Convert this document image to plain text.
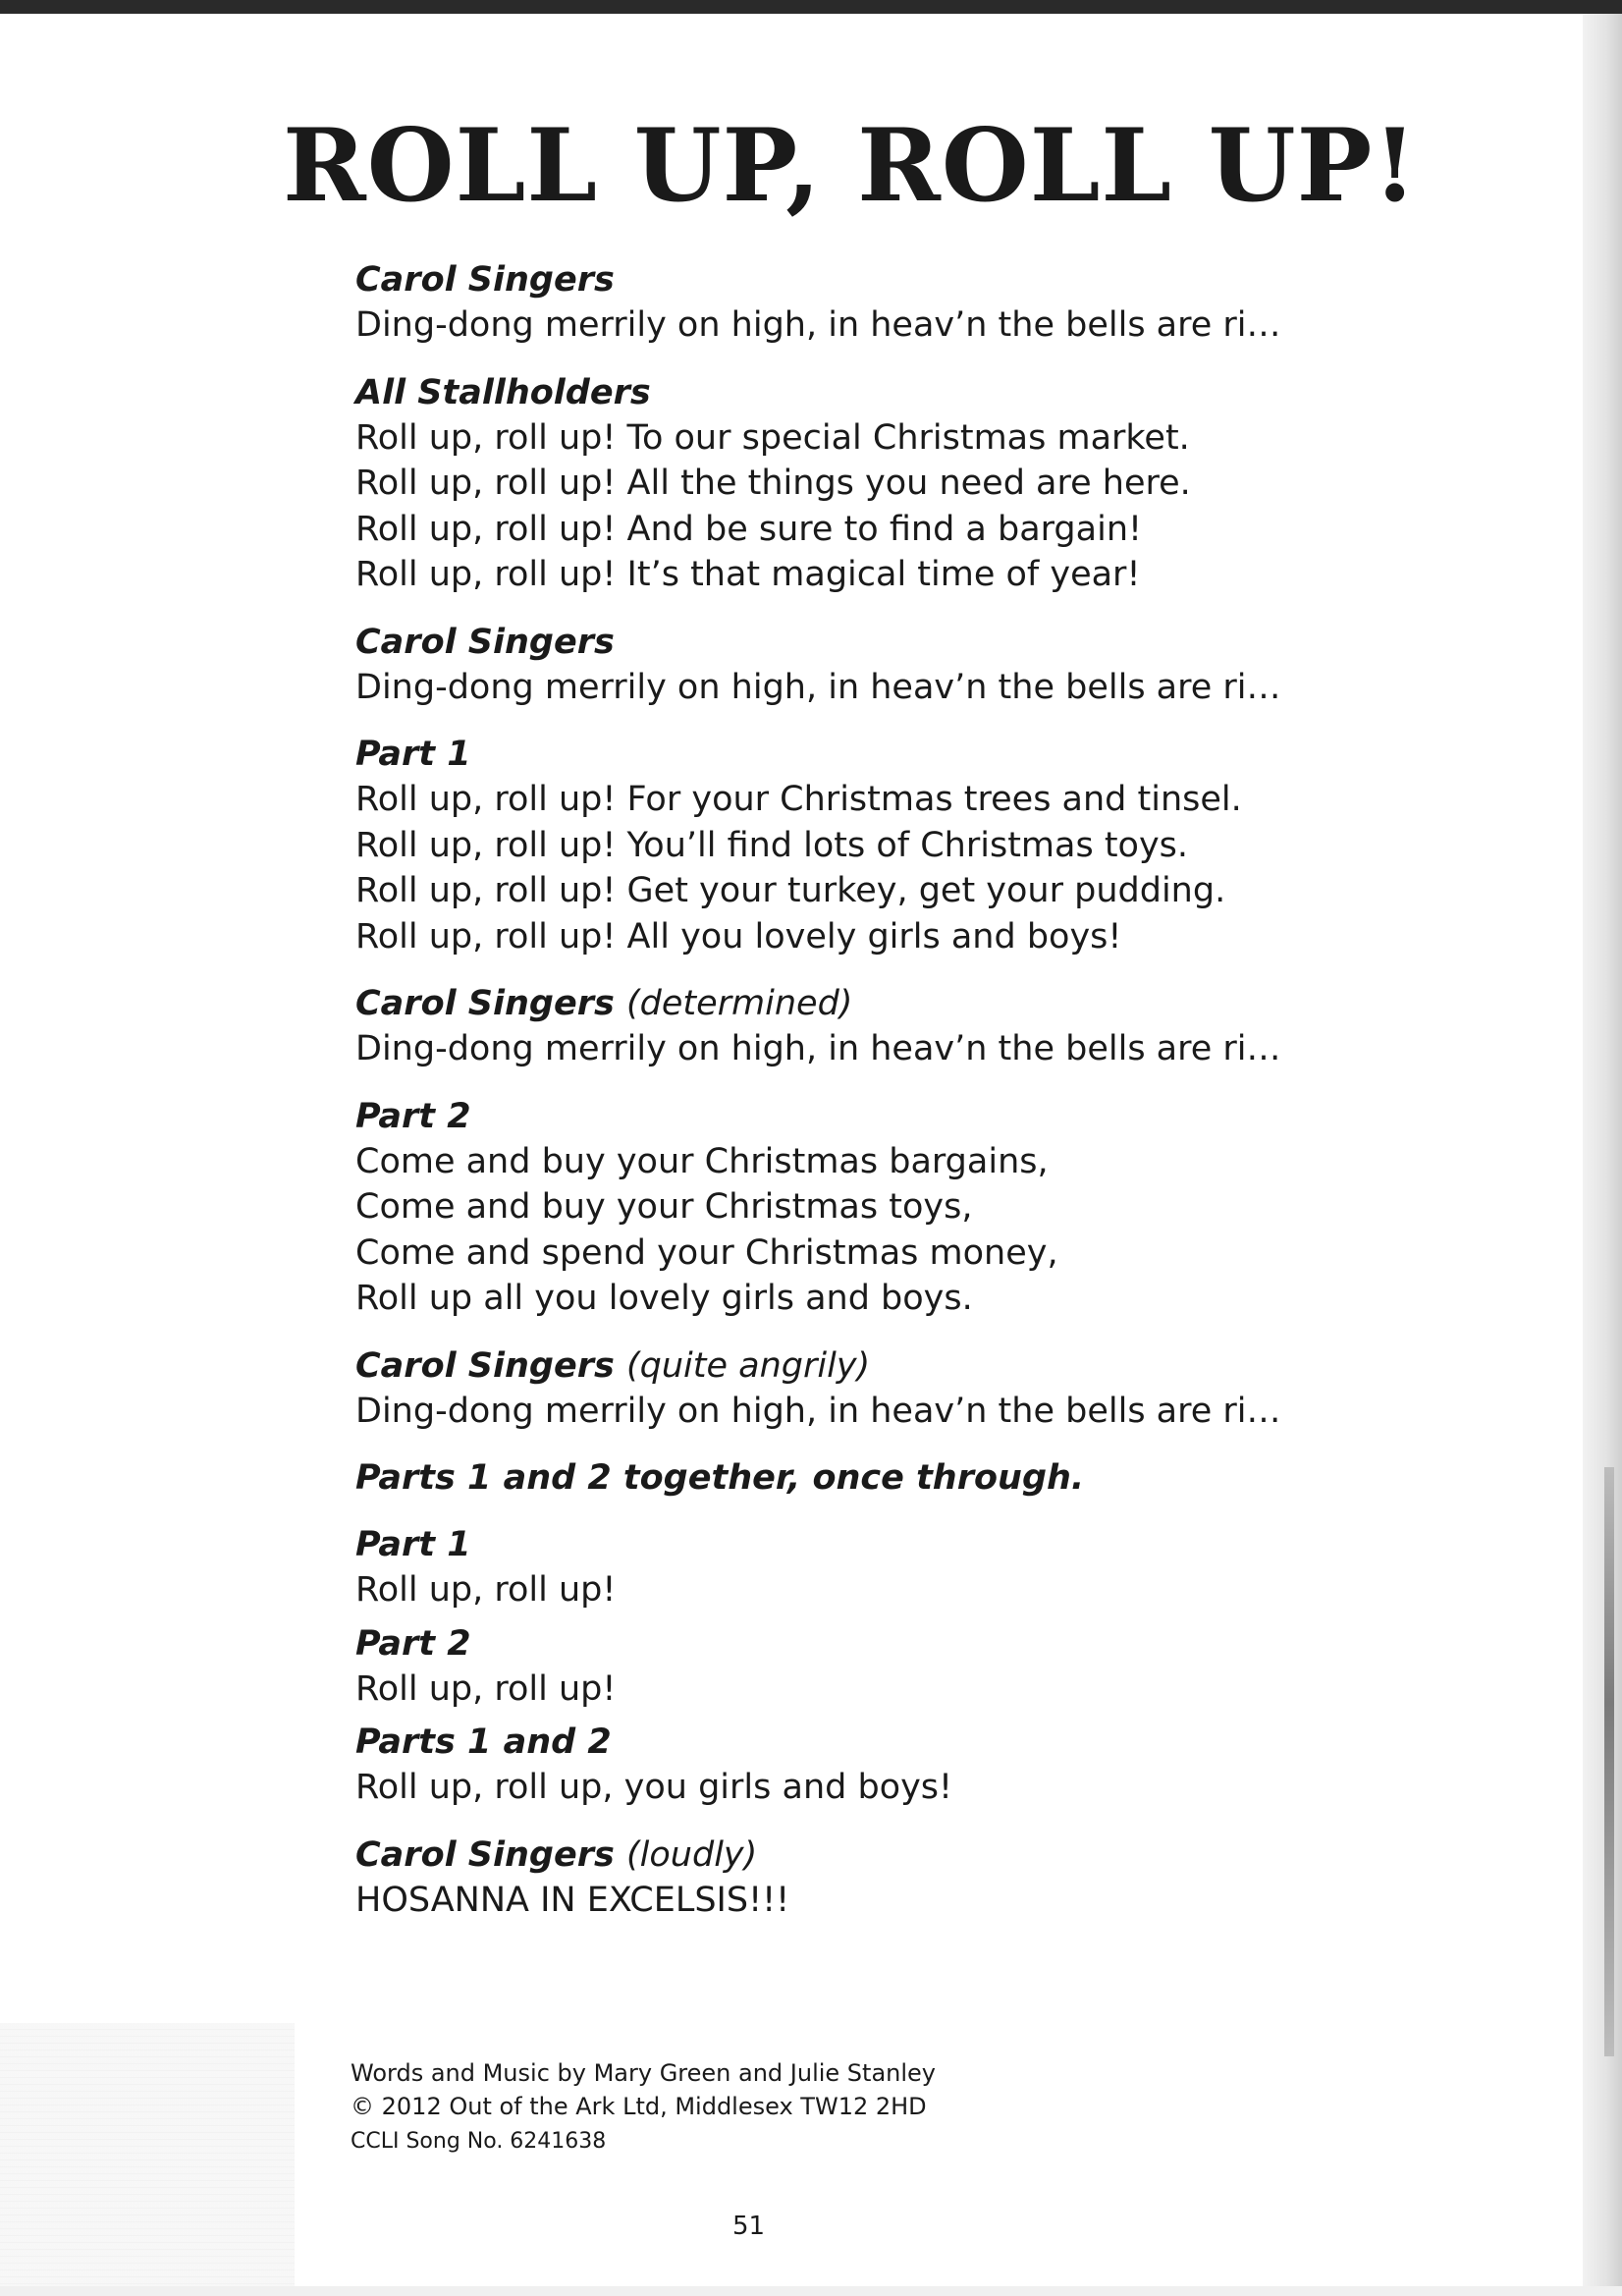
ROLL UP, ROLL UP!
Carol Singers
Ding-dong merrily on high, in heav’n the bells are ri…
All Stallholders
Roll up, roll up! To our special Christmas market.
Roll up, roll up! All the things you need are here.
Roll up, roll up! And be sure to find a bargain!
Roll up, roll up! It’s that magical time of year!
Carol Singers
Ding-dong merrily on high, in heav’n the bells are ri…
Part 1
Roll up, roll up! For your Christmas trees and tinsel.
Roll up, roll up! You’ll find lots of Christmas toys.
Roll up, roll up! Get your turkey, get your pudding.
Roll up, roll up! All you lovely girls and boys!
Carol Singers (determined)
Ding-dong merrily on high, in heav’n the bells are ri…
Part 2
Come and buy your Christmas bargains,
Come and buy your Christmas toys,
Come and spend your Christmas money,
Roll up all you lovely girls and boys.
Carol Singers (quite angrily)
Ding-dong merrily on high, in heav’n the bells are ri…
Parts 1 and 2 together, once through.
Part 1
Roll up, roll up!
Part 2
Roll up, roll up!
Parts 1 and 2
Roll up, roll up, you girls and boys!
Carol Singers (loudly)
HOSANNA IN EXCELSIS!!!
Words and Music by Mary Green and Julie Stanley
© 2012 Out of the Ark Ltd, Middlesex TW12 2HD
CCLI Song No. 6241638
51
